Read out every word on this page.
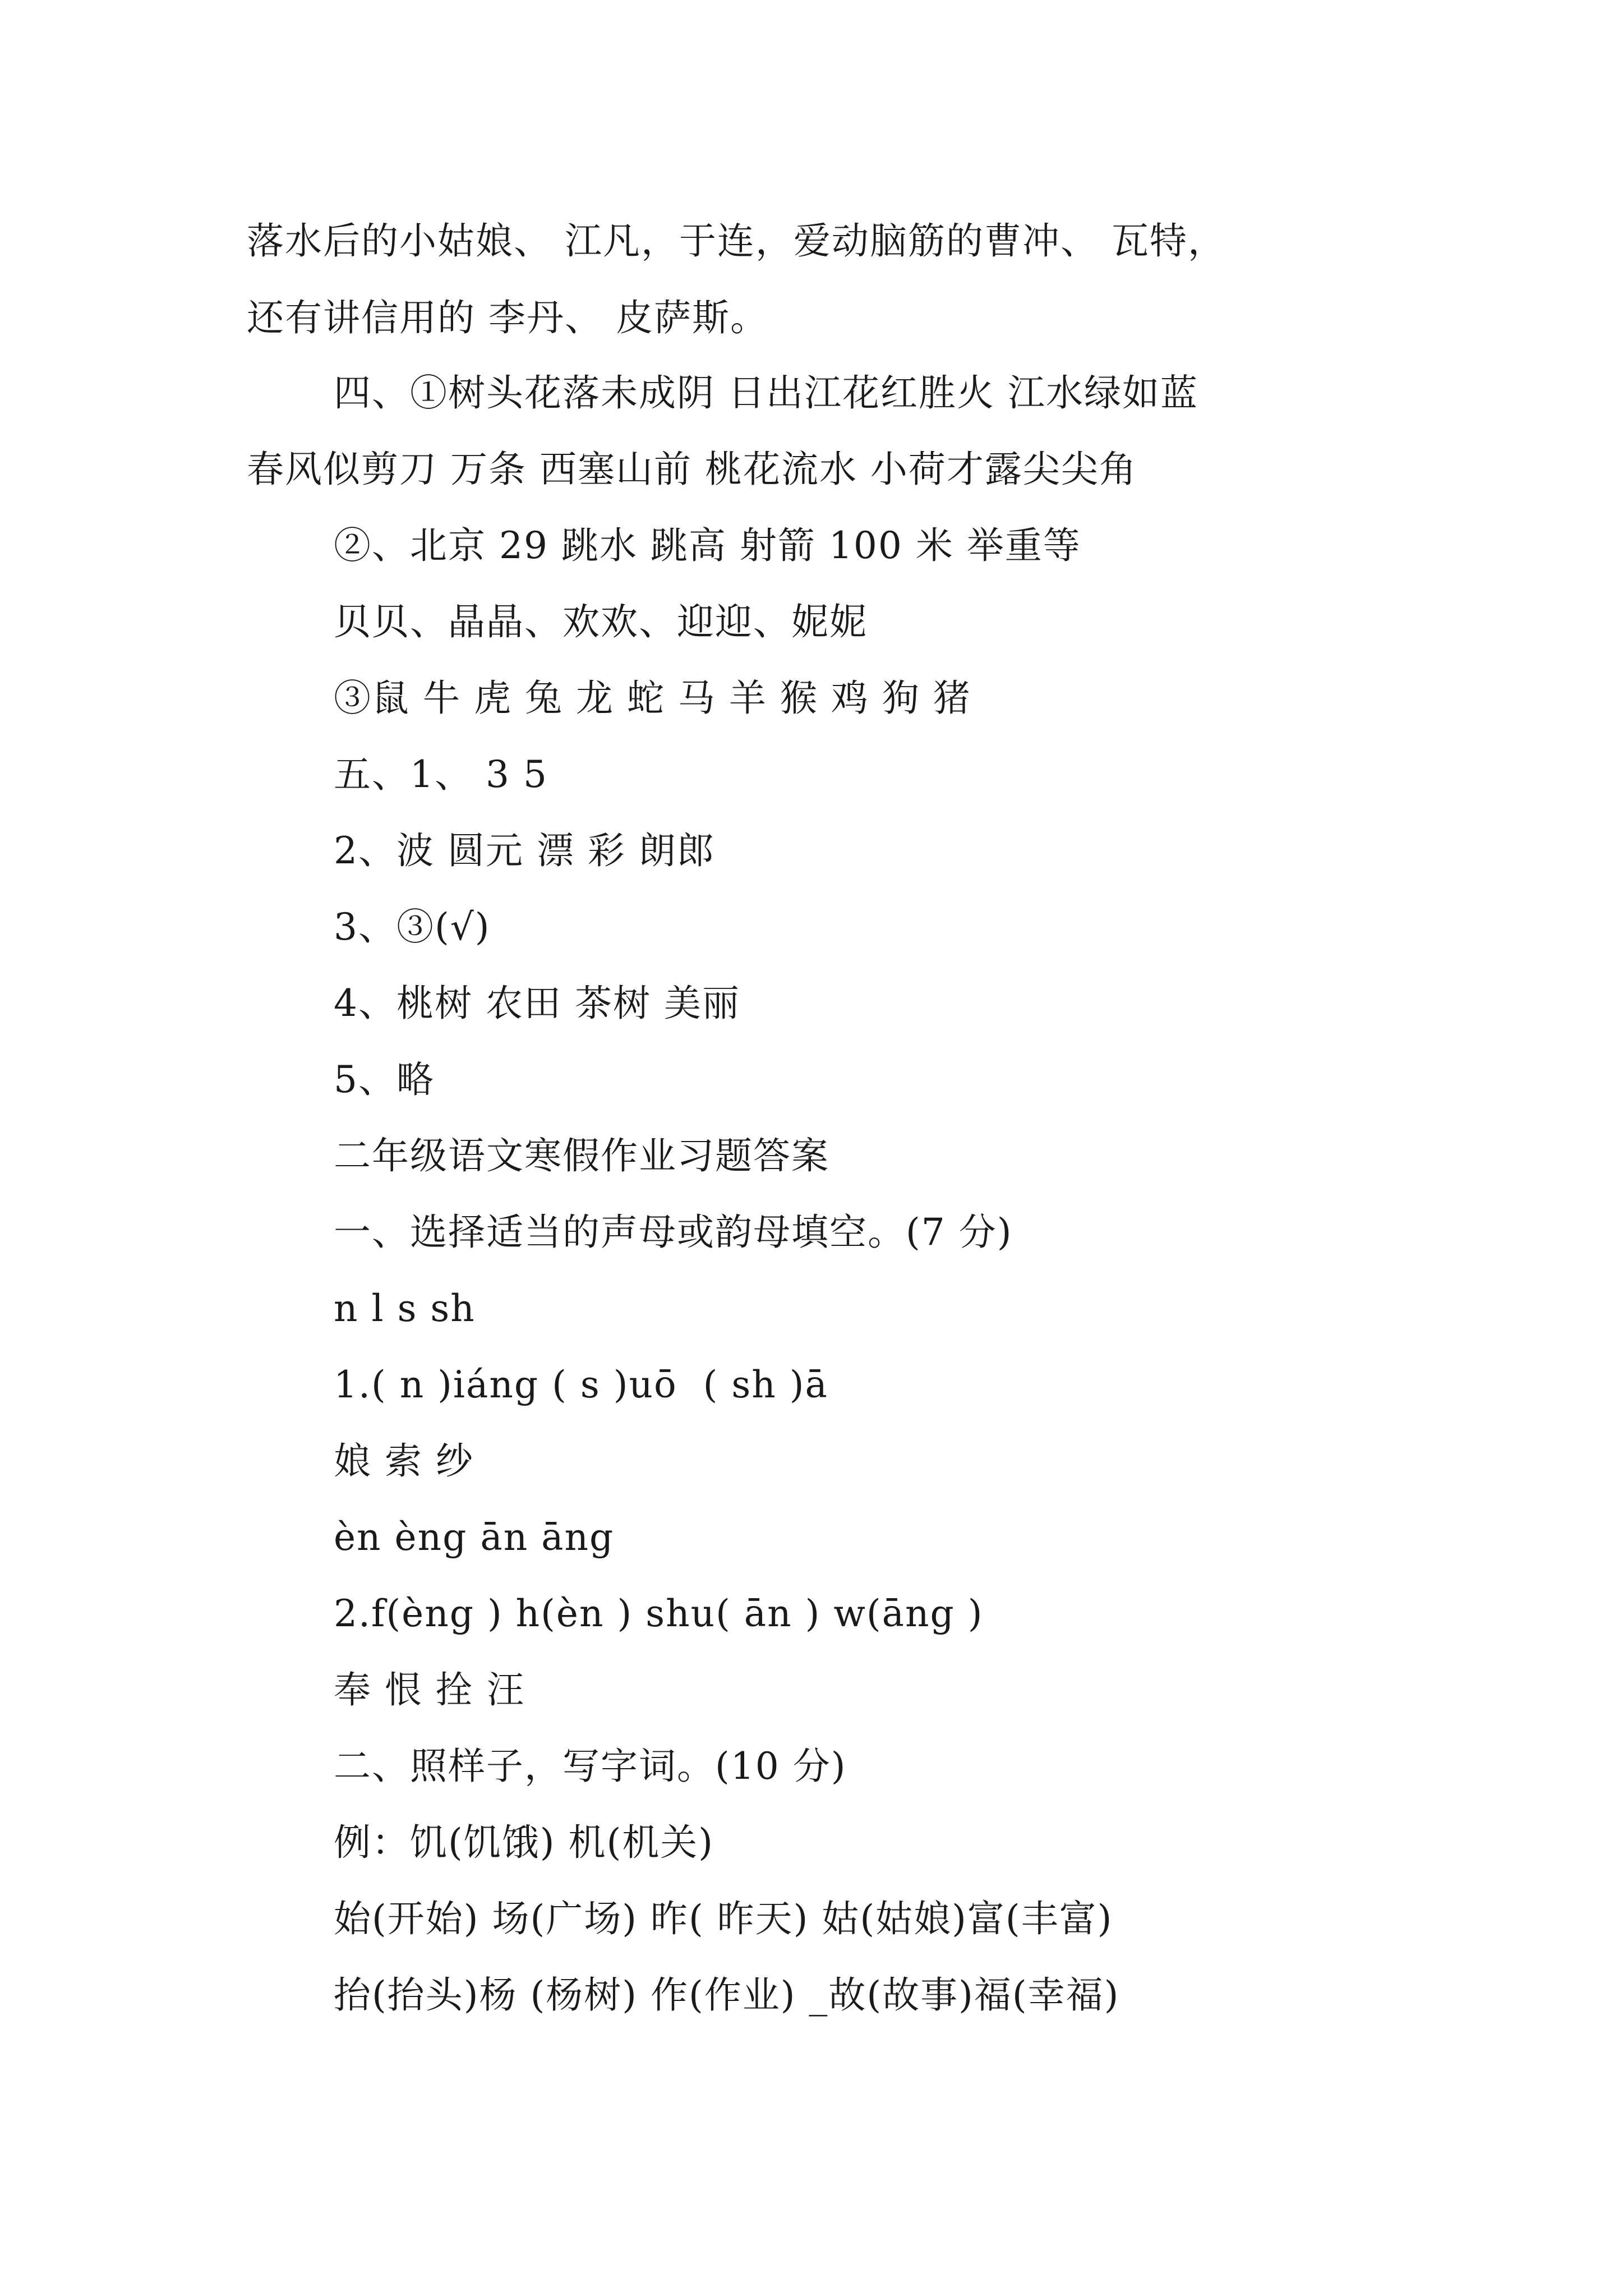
落水后的小姑娘、 江凡，于连，爱动脑筋的曹冲、 瓦特，
还有讲信用的 李丹、 皮萨斯。
四、①树头花落未成阴 日出江花红胜火 江水绿如蓝
春风似剪刀 万条 西塞山前 桃花流水 小荷才露尖尖角
②、北京 29 跳水 跳高 射箭 100 米 举重等
贝贝、晶晶、欢欢、迎迎、妮妮
③鼠 牛 虎 兔 龙 蛇 马 羊 猴 鸡 狗 猪
五、1、 3 5
2、波 圆元 漂 彩 朗郎
3、③(√)
4、桃树 农田 茶树 美丽
5、略
二年级语文寒假作业习题答案
一、选择适当的声母或韵母填空。(7 分)
n l s sh
1.( n )iáng ( s )uō  ( sh )ā
娘 索 纱
èn èng ān āng
2.f(èng ) h(èn ) shu( ān ) w(āng )
奉 恨 拴 汪
二、照样子，写字词。(10 分)
例：饥(饥饿) 机(机关)
始(开始) 场(广场) 昨( 昨天) 姑(姑娘)富(丰富)
抬(抬头)杨 (杨树) 作(作业) _故(故事)福(幸福)
